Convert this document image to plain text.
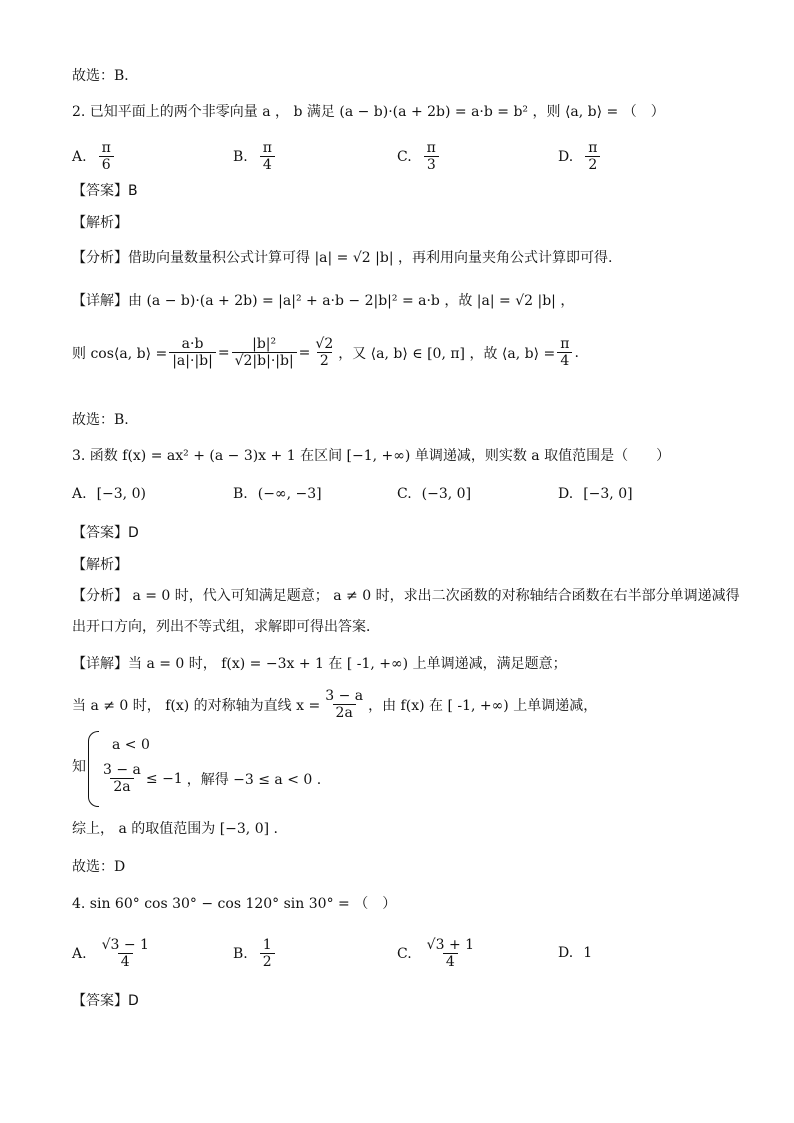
故选：B．
2. 已知平面上的两个非零向量 a ， b 满足 (a − b)·(a + 2b) = a·b = b² ，则 ⟨a, b⟩ = （　）
A. $\frac{\pi}{6}$	B. $\frac{\pi}{4}$	C. $\frac{\pi}{3}$	D. $\frac{\pi}{2}$
【答案】B
【解析】
【分析】借助向量数量积公式计算可得 |a| = √2 |b| ，再利用向量夹角公式计算即可得.
【详解】由 (a − b)·(a + 2b) = |a|² + a·b − 2|b|² = a·b ，故 |a| = √2 |b| ，
则 cos⟨a, b⟩ = $\frac{a\cdot b}{|a|\cdot|b|} = \frac{\text{|b|²}}{√2|b|\cdot|b|} = \frac{√2}{2}$ ，又 ⟨a, b⟩ ∈ [0, π] ，故 ⟨a, b⟩ = $\frac{\pi}{4}$ .
故选：B.
3. 函数 f(x) = ax² + (a − 3)x + 1 在区间 [−1, +∞) 单调递减，则实数 a 取值范围是（　　）
A. [−3, 0)	B. (−∞, −3]	C. (−3, 0]	D. [−3, 0]
【答案】D
【解析】
【分析】 a = 0 时，代入可知满足题意； a ≠ 0 时，求出二次函数的对称轴结合函数在右半部分单调递减得
出开口方向，列出不等式组，求解即可得出答案．
【详解】当 a = 0 时， f(x) = −3x + 1 在 [ -1, +∞) 上单调递减，满足题意；
当 a ≠ 0 时， f(x) 的对称轴为直线 $x = \frac{3 - a}{2a}$ ，由 f(x) 在 [ -1, +∞) 上单调递减，
知
a < 0
$\frac{3 - a}{2a} \le -1$ ，解得 −3 ≤ a < 0 .
综上， a 的取值范围为 [−3, 0] .
故选：D
4. sin 60° cos 30° − cos 120° sin 30° = （　）
A. $\frac{√3 - 1}{4}$	B. $\frac{1}{2}$	C. $\frac{√3 + 1}{4}$	D. 1
【答案】D
